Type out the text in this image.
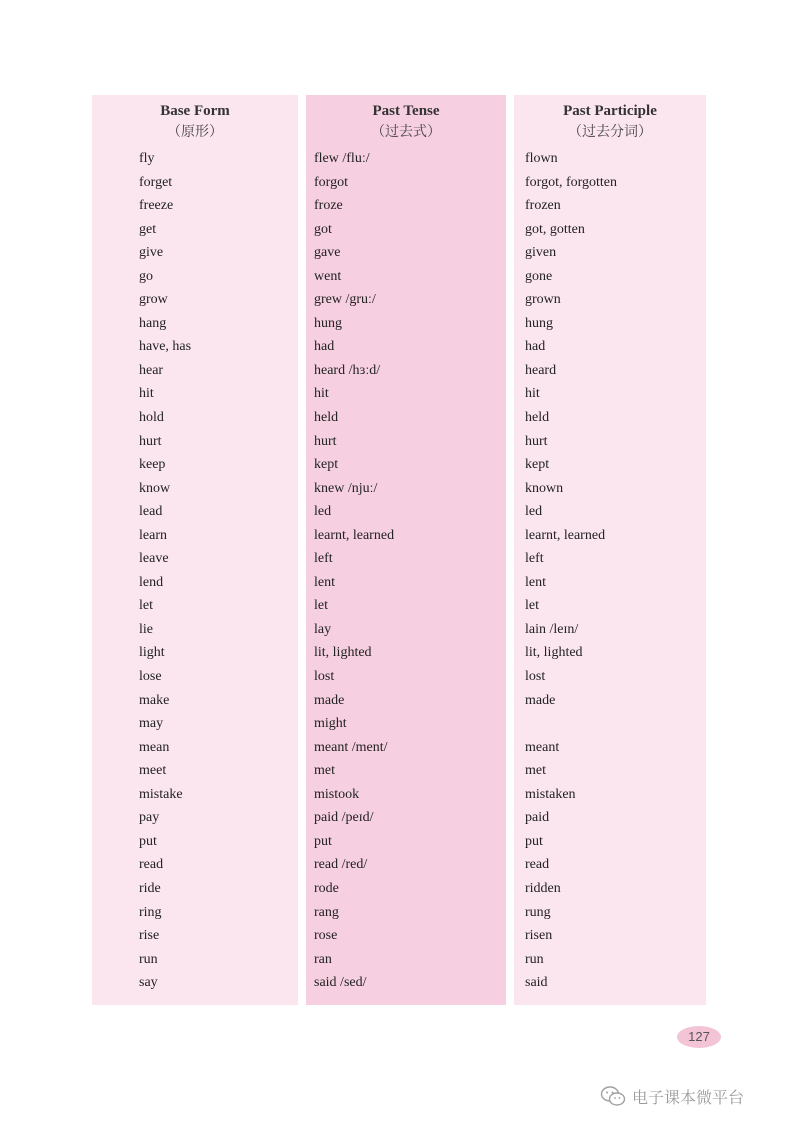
Base Form
（原形）
fly
forget
freeze
get
give
go
grow
hang
have, has
hear
hit
hold
hurt
keep
know
lead
learn
leave
lend
let
lie
light
lose
make
may
mean
meet
mistake
pay
put
read
ride
ring
rise
run
say
Past Tense
（过去式）
flew /fluː/
forgot
froze
got
gave
went
grew /gruː/
hung
had
heard /hɜːd/
hit
held
hurt
kept
knew /njuː/
led
learnt, learned
left
lent
let
lay
lit, lighted
lost
made
might
meant /ment/
met
mistook
paid /peɪd/
put
read /red/
rode
rang
rose
ran
said /sed/
Past Participle
（过去分词）
flown
forgot, forgotten
frozen
got, gotten
given
gone
grown
hung
had
heard
hit
held
hurt
kept
known
led
learnt, learned
left
lent
let
lain /leɪn/
lit, lighted
lost
made
meant
met
mistaken
paid
put
read
ridden
rung
risen
run
said
127
电子课本微平台
